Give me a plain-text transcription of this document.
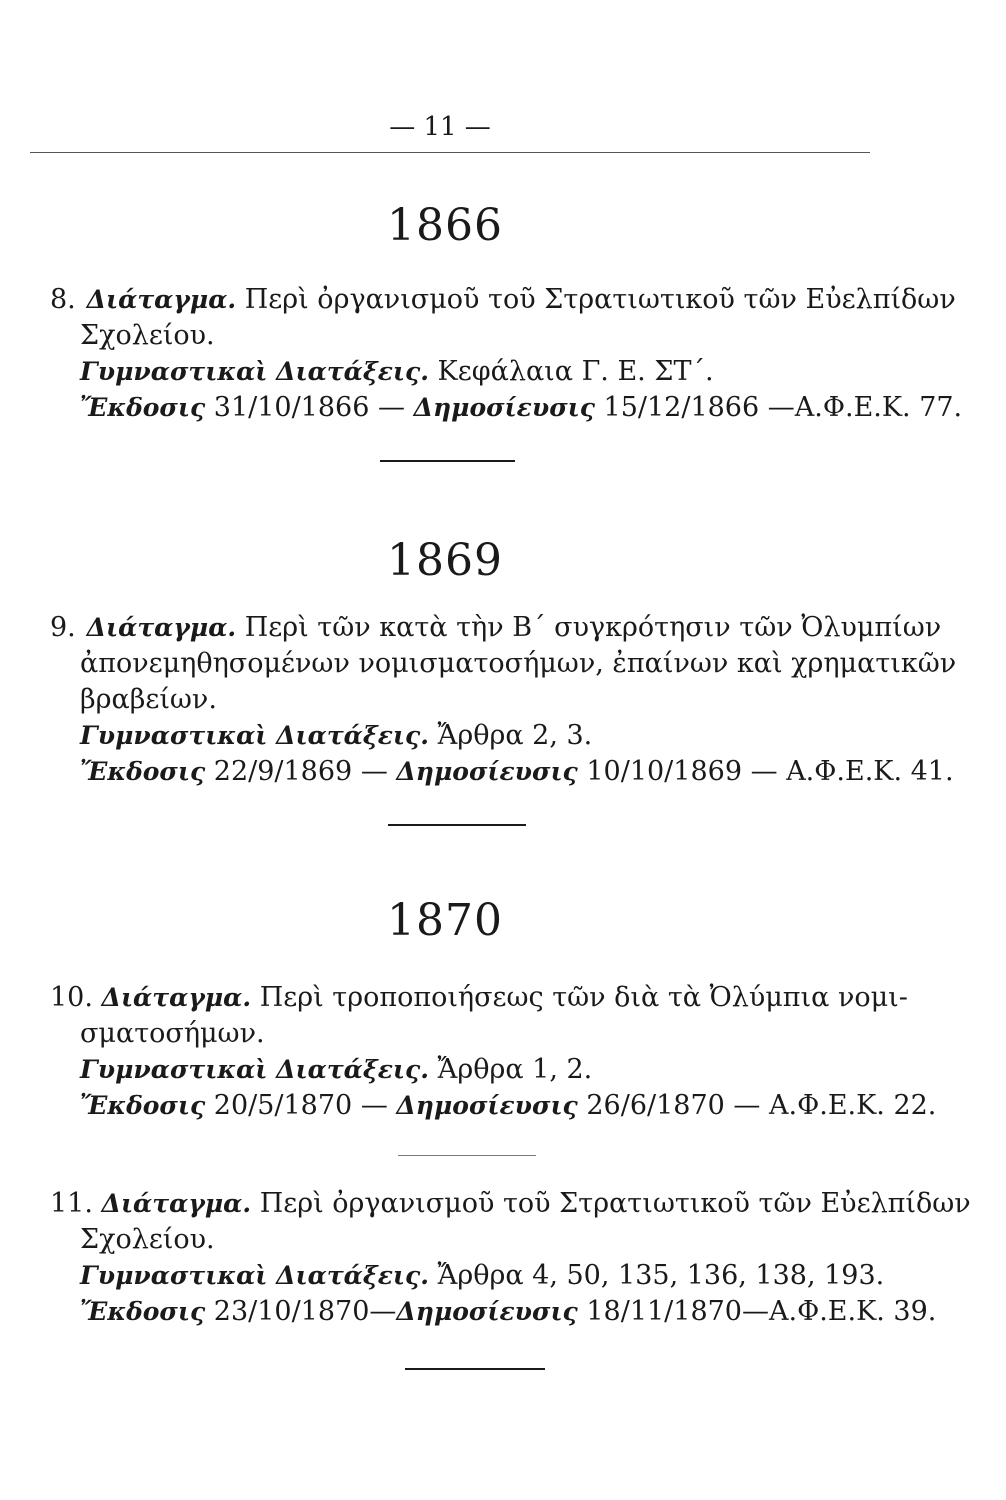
— 11 —
1866
8. Διάταγμα. Περὶ ὀργανισμοῦ τοῦ Στρατιωτικοῦ τῶν Εὐελπίδων
Σχολείου.
Γυμναστικαὶ Διατάξεις. Κεφάλαια Γ. Ε. ΣΤ΄.
Ἔκδοσις 31/10/1866 — Δημοσίευσις 15/12/1866 —Α.Φ.Ε.Κ. 77.
1869
9. Διάταγμα. Περὶ τῶν κατὰ τὴν Β΄ συγκρότησιν τῶν Ὀλυμπίων
ἀπονεμηθησομένων νομισματοσήμων, ἐπαίνων καὶ χρηματικῶν
βραβείων.
Γυμναστικαὶ Διατάξεις. Ἄρθρα 2, 3.
Ἔκδοσις 22/9/1869 — Δημοσίευσις 10/10/1869 — Α.Φ.Ε.Κ. 41.
1870
10. Διάταγμα. Περὶ τροποποιήσεως τῶν διὰ τὰ Ὀλύμπια νομι-
σματοσήμων.
Γυμναστικαὶ Διατάξεις. Ἄρθρα 1, 2.
Ἔκδοσις 20/5/1870 — Δημοσίευσις 26/6/1870 — Α.Φ.Ε.Κ. 22.
11. Διάταγμα. Περὶ ὀργανισμοῦ τοῦ Στρατιωτικοῦ τῶν Εὐελπίδων
Σχολείου.
Γυμναστικαὶ Διατάξεις. Ἄρθρα 4, 50, 135, 136, 138, 193.
Ἔκδοσις 23/10/1870—Δημοσίευσις 18/11/1870—Α.Φ.Ε.Κ. 39.
